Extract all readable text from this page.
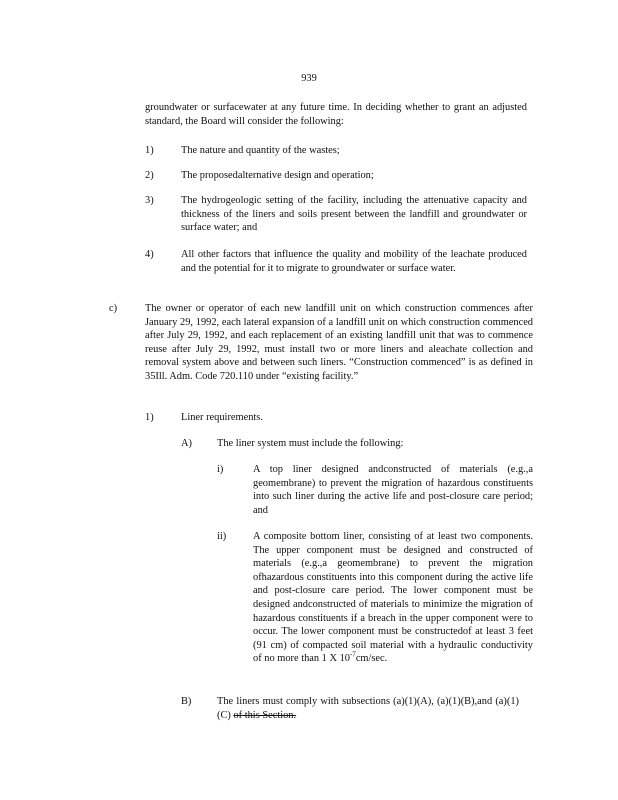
939
groundwater or surfacewater at any future time. In deciding whether to grant an adjusted standard, the Board will consider the following:
1)	The nature and quantity of the wastes;
2)	The proposedalternative design and operation;
3)	The hydrogeologic setting of the facility, including the attenuative capacity and thickness of the liners and soils present between the landfill and groundwater or surface water; and
4)	All other factors that influence the quality and mobility of the leachate produced and the potential for it to migrate to groundwater or surface water.
c)	The owner or operator of each new landfill unit on which construction commences after January 29, 1992, each lateral expansion of a landfill unit on which construction commenced after July 29, 1992, and each replacement of an existing landfill unit that was to commence reuse after July 29, 1992, must install two or more liners and aleachate collection and removal system above and between such liners. “Construction commenced” is as defined in 35Ill. Adm. Code 720.110 under “existing facility.”
1)	Liner requirements.
A) The liner system must include the following:
i)	A top liner designed andconstructed of materials (e.g.,a geomembrane) to prevent the migration of hazardous constituents into such liner during the active life and post-closure care period; and
ii)	A composite bottom liner, consisting of at least two components. The upper component must be designed and constructed of materials (e.g.,a geomembrane) to prevent the migration ofhazardous constituents into this component during the active life and post-closure care period. The lower component must be designed andconstructed of materials to minimize the migration of hazardous constituents if a breach in the upper component were to occur. The lower component must be constructedof at least 3 feet (91 cm) of compacted soil material with a hydraulic conductivity of no more than 1 X $10^{-7}cm/\sec$.
B) The liners must comply with subsections (a)(1)(A), (a)(1)(B),and (a)(1)(C) of this Section.
